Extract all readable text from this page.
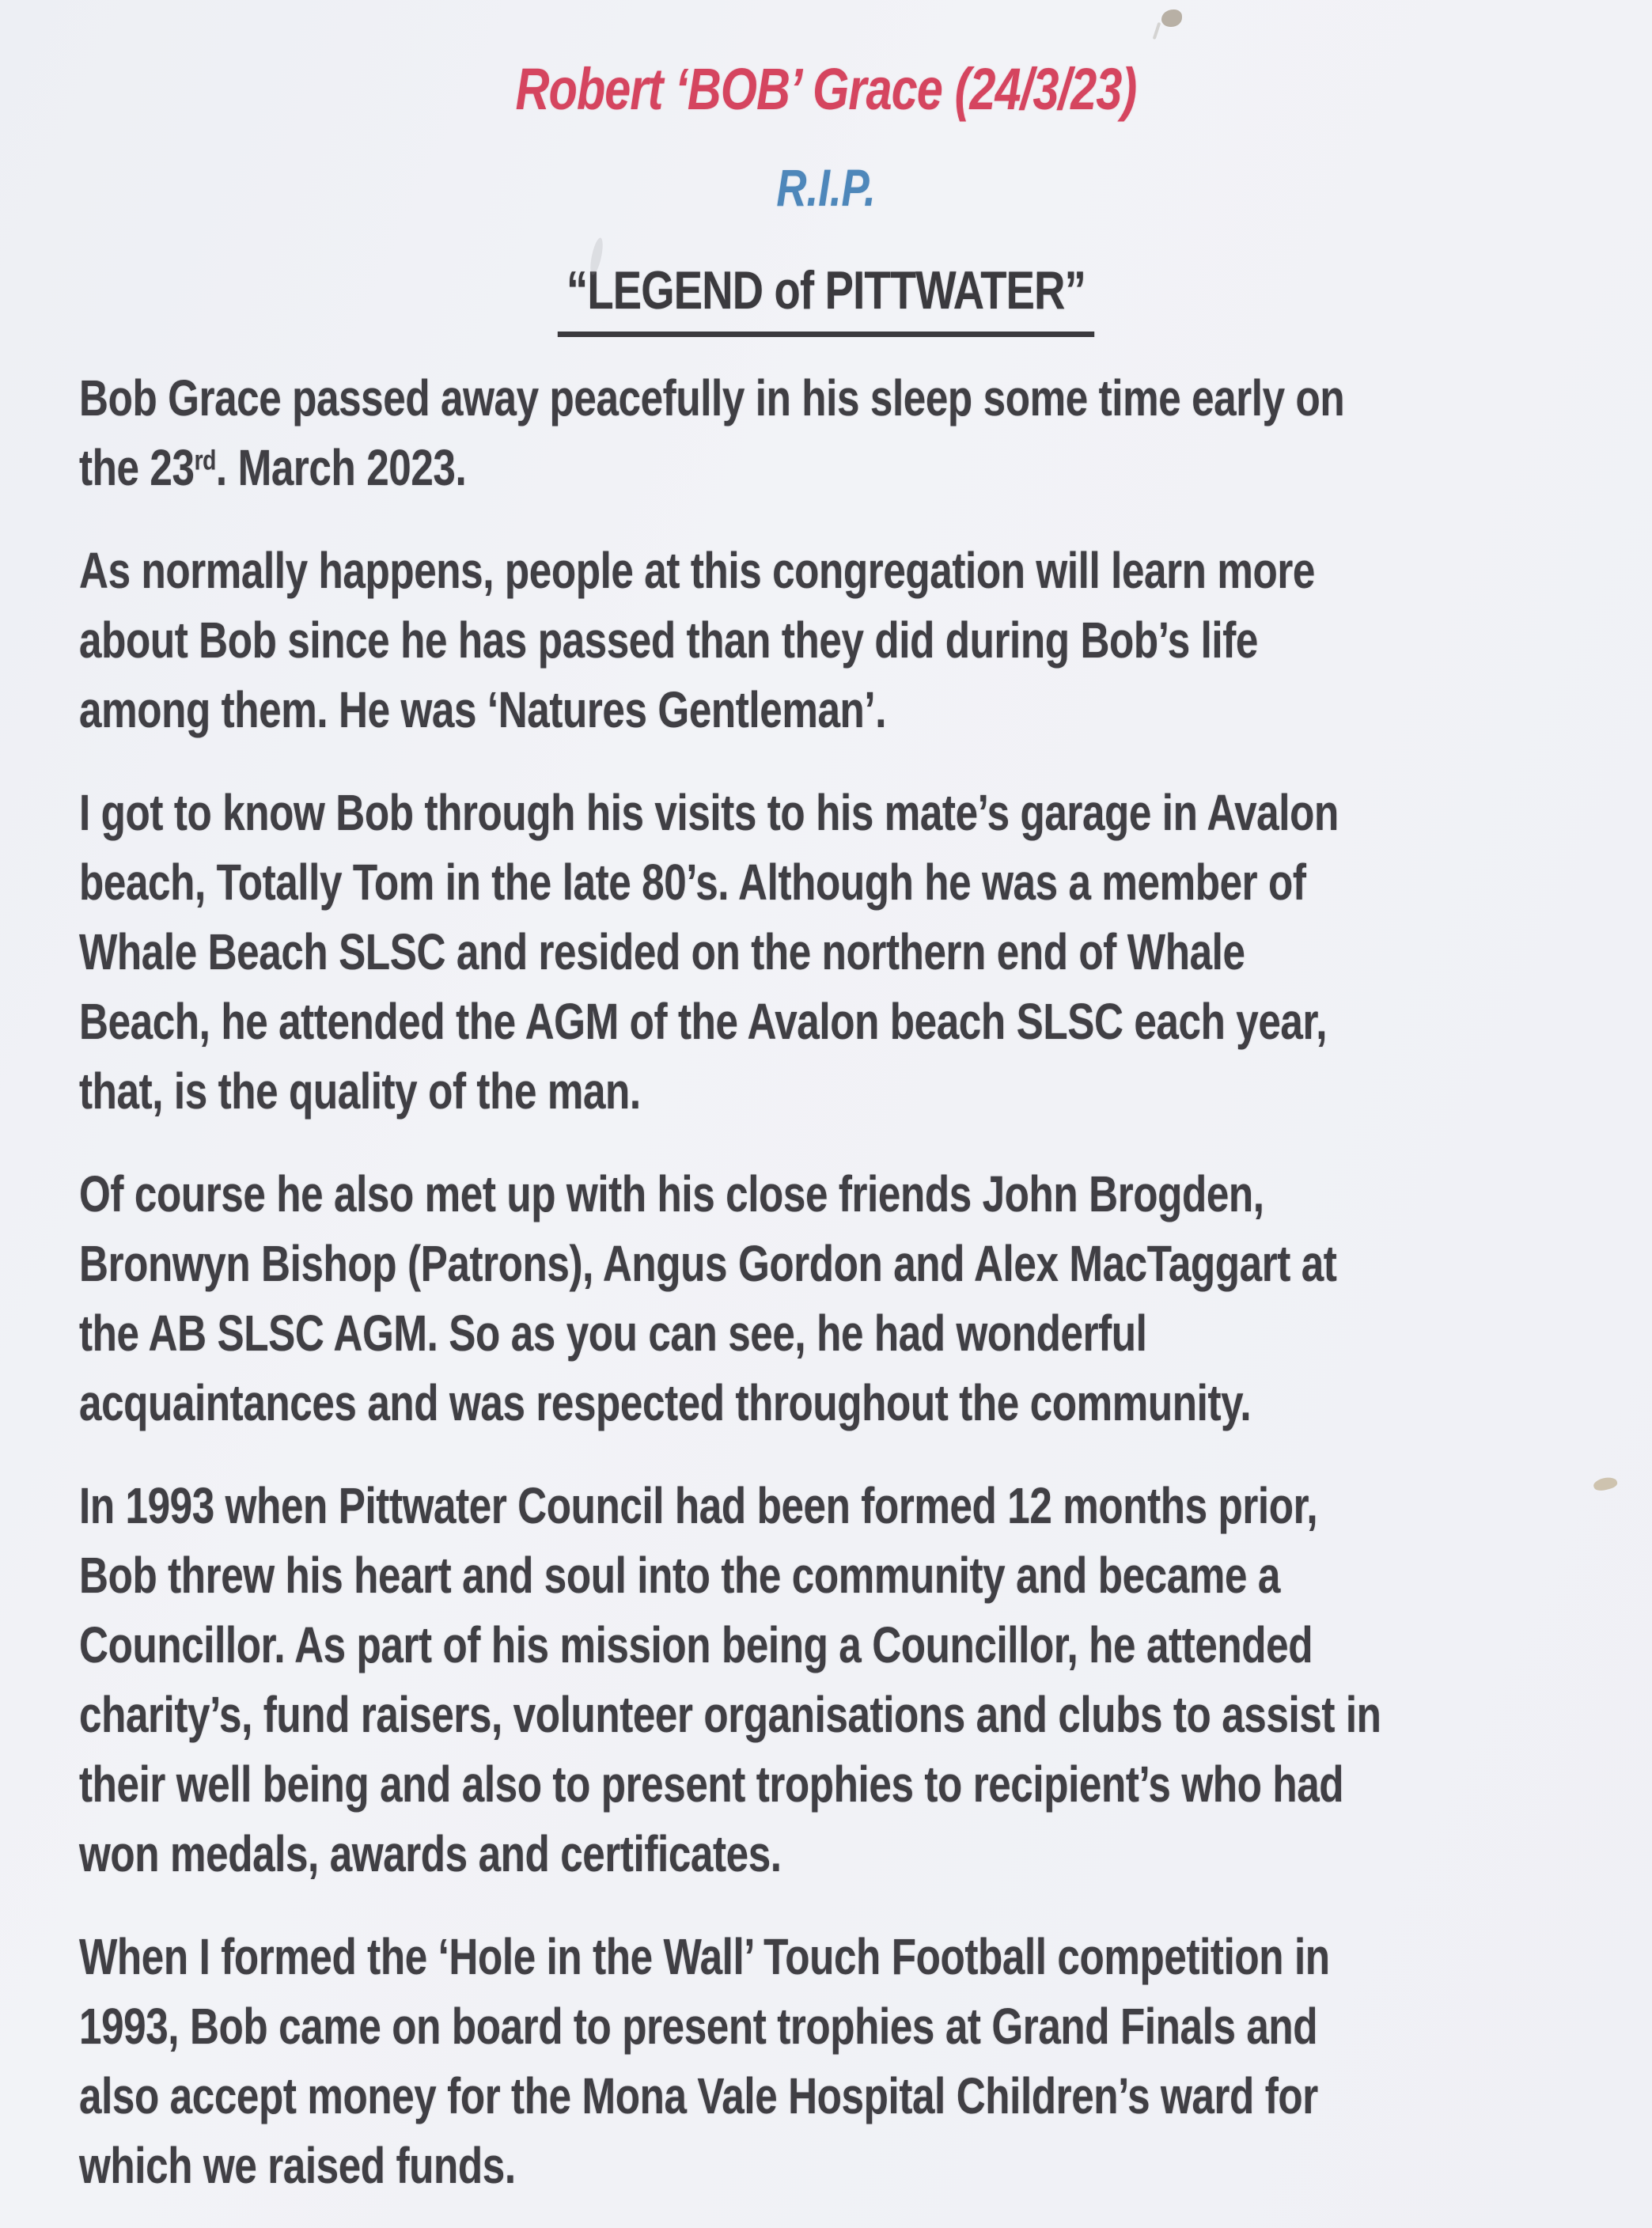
Robert ‘BOB’ Grace (24/3/23)
R.I.P.
“LEGEND of PITTWATER”

Bob Grace passed away peacefully in his sleep some time early on
the 23rd. March 2023.

As normally happens, people at this congregation will learn more
about Bob since he has passed than they did during Bob’s life
among them. He was ‘Natures Gentleman’.

I got to know Bob through his visits to his mate’s garage in Avalon
beach, Totally Tom in the late 80’s. Although he was a member of
Whale Beach SLSC and resided on the northern end of Whale
Beach, he attended the AGM of the Avalon beach SLSC each year,
that, is the quality of the man.

Of course he also met up with his close friends John Brogden,
Bronwyn Bishop (Patrons), Angus Gordon and Alex MacTaggart at
the AB SLSC AGM. So as you can see, he had wonderful
acquaintances and was respected throughout the community.

In 1993 when Pittwater Council had been formed 12 months prior,
Bob threw his heart and soul into the community and became a
Councillor. As part of his mission being a Councillor, he attended
charity’s, fund raisers, volunteer organisations and clubs to assist in
their well being and also to present trophies to recipient’s who had
won medals, awards and certificates.

When I formed the ‘Hole in the Wall’ Touch Football competition in
1993, Bob came on board to present trophies at Grand Finals and
also accept money for the Mona Vale Hospital Children’s ward for
which we raised funds.
